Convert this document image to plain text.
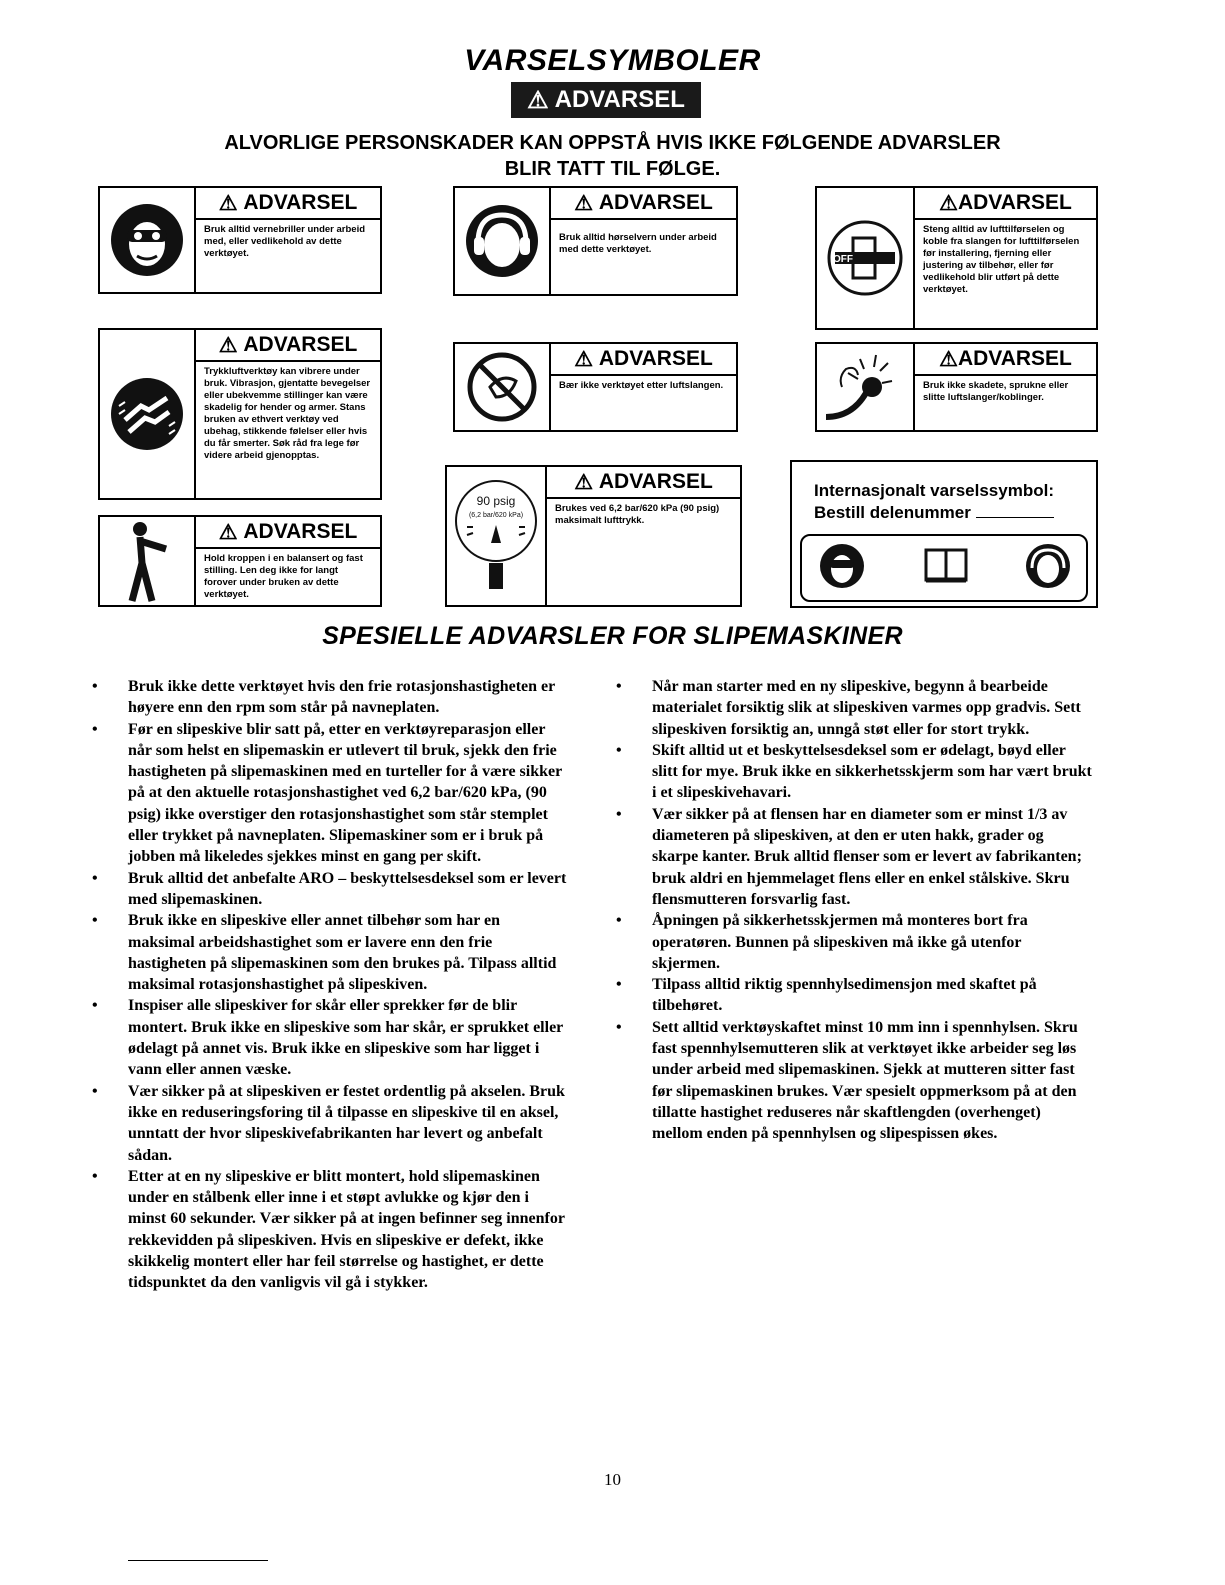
VARSELSYMBOLER
⚠ ADVARSEL
ALVORLIGE PERSONSKADER KAN OPPSTÅ HVIS IKKE FØLGENDE ADVARSLER
BLIR TATT TIL FØLGE.
⚠ ADVARSEL
Bruk alltid vernebriller under arbeid med, eller vedlikehold av dette verktøyet.
⚠ ADVARSEL
Bruk alltid hørselvern under arbeid med dette verktøyet.
OFF
⚠ ADVARSEL
Steng alltid av lufttilførselen og koble fra slangen for lufttilførselen før installering, fjerning eller justering av tilbehør, eller før vedlikehold blir utført på dette verktøyet.
⚠ ADVARSEL
Trykkluftverktøy kan vibrere under bruk. Vibrasjon, gjentatte bevegelser eller ubekvemme stillinger kan være skadelig for hender og armer. Stans bruken av ethvert verktøy ved ubehag, stikkende følelser eller hvis du får smerter. Søk råd fra lege før videre arbeid gjenopptas.
⚠ ADVARSEL
Bær ikke verktøyet etter luftslangen.
⚠ ADVARSEL
Bruk ikke skadete, sprukne eller slitte luftslanger/koblinger.
⚠ ADVARSEL
Hold kroppen i en balansert og fast stilling. Len deg ikke for langt forover under bruken av dette verktøyet.
90 psig
(6,2 bar/620 kPa)
⚠ ADVARSEL
Brukes ved 6,2 bar/620 kPa (90 psig) maksimalt lufttrykk.
Internasjonalt varselssymbol:
Bestill delenummer
SPESIELLE ADVARSLER FOR SLIPEMASKINER
• Bruk ikke dette verktøyet hvis den frie rotasjonshastigheten er høyere enn den rpm som står på navneplaten.
• Før en slipeskive blir satt på, etter en verktøyreparasjon eller når som helst en slipemaskin er utlevert til bruk, sjekk den frie hastigheten på slipemaskinen med en turteller for å være sikker på at den aktuelle rotasjonshastighet ved 6,2 bar/620 kPa, (90 psig) ikke overstiger den rotasjonshastighet som står stemplet eller trykket på navneplaten. Slipemaskiner som er i bruk på jobben må likeledes sjekkes minst en gang per skift.
• Bruk alltid det anbefalte ARO – beskyttelsesdeksel som er levert med slipemaskinen.
• Bruk ikke en slipeskive eller annet tilbehør som har en maksimal arbeidshastighet som er lavere enn den frie hastigheten på slipemaskinen som den brukes på. Tilpass alltid maksimal rotasjonshastighet på slipeskiven.
• Inspiser alle slipeskiver for skår eller sprekker før de blir montert. Bruk ikke en slipeskive som har skår, er sprukket eller ødelagt på annet vis. Bruk ikke en slipeskive som har ligget i vann eller annen væske.
• Vær sikker på at slipeskiven er festet ordentlig på akselen. Bruk ikke en reduseringsforing til å tilpasse en slipeskive til en aksel, unntatt der hvor slipeskivefabrikanten har levert og anbefalt sådan.
• Etter at en ny slipeskive er blitt montert, hold slipemaskinen under en stålbenk eller inne i et støpt avlukke og kjør den i minst 60 sekunder. Vær sikker på at ingen befinner seg innenfor rekkevidden på slipeskiven. Hvis en slipeskive er defekt, ikke skikkelig montert eller har feil størrelse og hastighet, er dette tidspunktet da den vanligvis vil gå i stykker.
• Når man starter med en ny slipeskive, begynn å bearbeide materialet forsiktig slik at slipeskiven varmes opp gradvis. Sett slipeskiven forsiktig an, unngå støt eller for stort trykk.
• Skift alltid ut et beskyttelsesdeksel som er ødelagt, bøyd eller slitt for mye. Bruk ikke en sikkerhetsskjerm som har vært brukt i et slipeskivehavari.
• Vær sikker på at flensen har en diameter som er minst 1/3 av diameteren på slipeskiven, at den er uten hakk, grader og skarpe kanter. Bruk alltid flenser som er levert av fabrikanten; bruk aldri en hjemmelaget flens eller en enkel stålskive. Skru flensmutteren forsvarlig fast.
• Åpningen på sikkerhetsskjermen må monteres bort fra operatøren. Bunnen på slipeskiven må ikke gå utenfor skjermen.
• Tilpass alltid riktig spennhylsedimensjon med skaftet på tilbehøret.
• Sett alltid verktøyskaftet minst 10 mm inn i spennhylsen. Skru fast spennhylsemutteren slik at verktøyet ikke arbeider seg løs under arbeid med slipemaskinen. Sjekk at mutteren sitter fast før slipemaskinen brukes. Vær spesielt oppmerksom på at den tillatte hastighet reduseres når skaftlengden (overhenget) mellom enden på spennhylsen og slipespissen økes.
10
